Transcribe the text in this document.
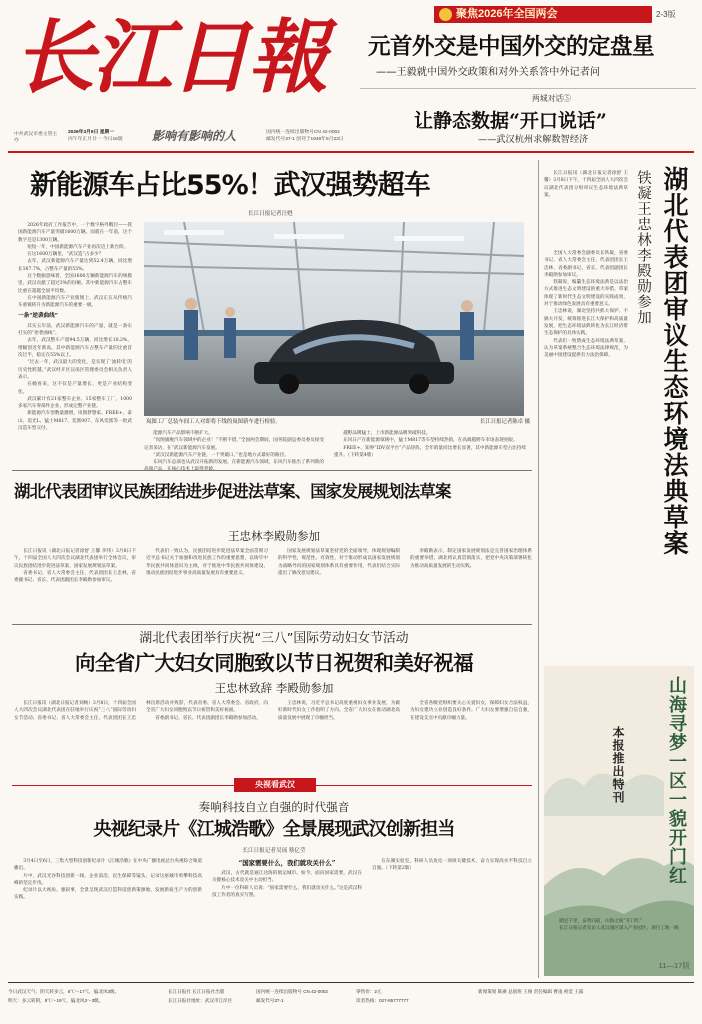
长江日報
中共武汉市委主管主办
2026年3月9日 星期一
丙午年正月廿一 今日16版	影响有影响的人	国内统一连续出版物号CN 42-0002
邮发代号37-1 创刊于1949年5月23日
聚焦2026年全国两会	2-3版
元首外交是中国外交的定盘星
——王毅就中国外交政策和对外关系答中外记者问
两城对话⑤
让静态数据“开口说话”
——武汉杭州求解数智经济
新能源车占比55%！武汉强势超车
长江日报记者汪甦

2026年政府工作报告中，一个数字格外醒目——我国新能源汽车产量突破1600万辆。而就在一年前，这个数字还是1300万辆。

短短一年，中国新能源汽车产业再次迈上新台阶。

在这1600万辆里，“武汉造”占多少？

去年，武汉新能源汽车产量达到52.4万辆，同比增长167.7%，占整车产量的55%。

这个数据意味着，全国1600万辆新能源汽车的规模里，武汉贡献了超过3%的份额。其中新能源汽车占整车比重在超越全国平均数。

在中国新能源汽车产业版图上，武汉正在从传统汽车重镇转升为新能源汽车的重要一极。

一条“逆袭曲线”

其实五年前，武汉新能源汽车的产量，就是一条实打实的“逆袭曲线”。

去年，武汉整车产量94.5万辆，同比增长10.2%，增幅创近年新高。其中新能源汽车占整车产量的比重首次过半，稳定在55%以上。

“过去一年，武汉最大的变化，是实现了‘油转电’的历史性跨越。”武汉经开区汉南区管理委员会相关负责人表示。

在她看来，这不仅是产量增长，更是产业结构变化。

武汉累计有21家整车企业、15家整车工厂，1000多家汽车零部件企业，形成完整产业链。

新能源汽车型数量激增，岚图梦想家、FREE+、泰山、追光L、猛士M817、奕派007、东风奕派等一批武汉造车型交付。

岚图工厂总装车间工人对即将下线的岚图新车进行检验。	长江日报记者陈卓 摄

能源汽车产品影响不断扩大。

“岚图旗舰汽车领域中的企业！”不断不错，”全国两会期间，国务院副总委员委员接受记者采访，在“武汉新能源汽车发展。

“武汉汉新能源汽车产业链，一个突破口。”也是地方式最好的路径。

东风汽车总部也从武汉开拓新的发展。在新能源汽车领域，东风汽车推出了系列新的

越野品牌猛士，上市新能源品牌突破科技。

东风日产在新能源领域中，猛士M817等车型持续热销，在高端越野车市场表现亮眼。

FREE+、知界“IDV双平台”产品矩阵，全年销量同比增长显著，其中新能源车型占比持续提升。（下转第4版）

湖北代表团审议民族团结进步促进法草案、国家发展规划法草案
王忠林李殿勋参加

长江日报讯（湖北日报记者徐舒 王馨 李伟）3月8日下午，十四届全国人大四次会议湖北代表团举行全体会议，审议民族团结进步促进法草案、国家发展规划法草案。

省委书记、省人大常委会主任、代表团团长王忠林，省委副书记、省长、代表团副团长李殿勋参加审议。

代表们一致认为，民族团结进步促进法草案全面贯彻习近平总书记关于加强和改进民族工作的重要思想，以铸牢中华民族共同体意识为主线，对于推进中华民族共同体建设、推动民族团结进步事业高质量发展具有重要意义。

国家发展规划法草案坚持党的全面领导，体现规划编制的科学性、规范性、有效性，对于推动形成以国家发展规划为战略导向的国家规划体系具有重要作用。代表们结合实际提出了修改意见建议。

李殿勋表示，制定国家发展规划法是完善国家治理体系的重要举措。湖北将认真贯彻落实，把党中央决策部署转化为推动高质量发展的生动实践。

湖北代表团举行庆祝“三八”国际劳动妇女节活动
向全省广大妇女同胞致以节日祝贺和美好祝福
王忠林致辞 李殿勋参加

长江日报讯（湖北日报记者刘畅）3月8日，十四届全国人大四次会议湖北代表团在驻地举行庆祝“三八”国际劳动妇女节活动。省委书记、省人大常委会主任、代表团团长王忠林出席活动并致辞，代表省委、省人大常委会、省政府，向全省广大妇女同胞致以节日祝贺和美好祝福。

省委副书记、省长、代表团副团长李殿勋参加活动。

王忠林说，习近平总书记高度重视妇女事业发展，为做好新时代妇女工作指明了方向。全省广大妇女在推动湖北高质量发展中展现了巾帼担当。

全省各级党组织要关心关爱妇女，保障妇女合法权益，为妇女建功立业创造良好条件。广大妇女要增强自信自强，在建设支点中贡献巾帼力量。

央视看武汉
奏响科技自立自强的时代强音
央视纪录片《江城浩歌》全景展现武汉创新担当
长江日报记者吴瑶 蔡亿莹

3月4日至6日，三集大型科技创新纪录片《江城浩歌》在中央广播电视总台央视综合频道播出。

片中，武汉光谷科技创新一线、企业前沿、民生保障等镜头，记录这座城市勇攀科技高峰的坚定步伐。

纪录片以大视角、强叙事，全景呈现武汉打造科技创新策源地、发展新质生产力的创新实践。

“国家需要什么，我们就攻关什么”

武汉，古代就是通江达海的航运城市。如今，面向国家需要，武汉在关键核心技术攻关中主动担当。

片中一位科研人员说：“国家需要什么，我们就攻关什么。”这是武汉科技工作者的真实写照。

在东湖实验室，科研人员攻克一项项关键技术，奋力实现高水平科技自立自强。（下转第2版）

湖北代表团审议生态环境法典草案
铁凝王忠林李殿勋参加

长江日报讯（湖北日报记者徐舒 王馨）3月8日下午，十四届全国人大四次会议湖北代表团分组审议生态环境法典草案。

全国人大常委会副委员长铁凝，省委书记、省人大常委会主任、代表团团长王忠林，省委副书记、省长、代表团副团长李殿勋参加审议。

铁凝说，编纂生态环境法典是以法治方式推进生态文明建设的重大举措。草案体现了新时代生态文明建设的实践成果，对于推动绿色发展具有重要意义。

王忠林说，湖北坚持共抓大保护、不搞大开发，统筹推进长江大保护和高质量发展，把生态环境法典转化为长江经济带生态保护的具体实践。

代表们一致赞成生态环境法典草案，认为草案系统整合生态环境法律规范，为美丽中国建设提供有力法治保障。

山海寻梦一区一貌开门红
本报推出特刊

踏足千里，奋勇向前，山海之间“开门红”

长江日报记者采访人武汉城区深入产业园区、项目工地一线

11—17版
今日武汉天气：阴天转多云，6℃～17℃，偏北风3级。
明天：多云转阴，8℃～19℃，偏北风2～3级。
长江日报社 长江日报社出版
长江日报社地址：武汉市江岸区
国内统一连续出版物号 CN 42-0002
邮发代号37-1
零售价：2元
读者热线：027-85777777
新闻策划 陈赓 总值班 王俊 责任编辑 曹凌 视觉 王露
